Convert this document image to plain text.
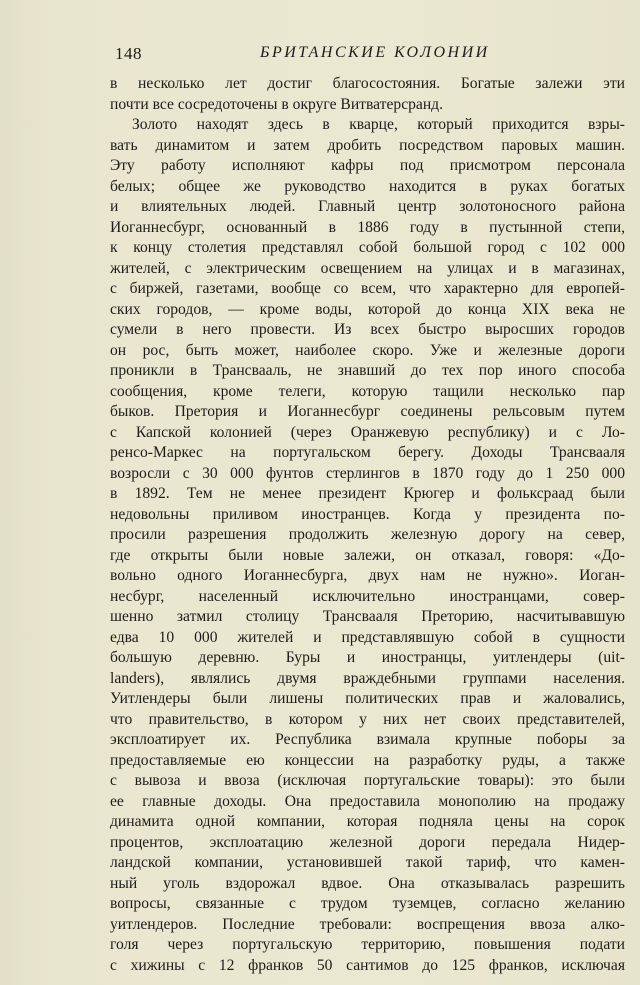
148	БРИТАНСКИЕ КОЛОНИИ
в несколько лет достиг благосостояния. Богатые залежи эти
почти все сосредоточены в округе Витватерсранд.
Золото находят здесь в кварце, который приходится взры-
вать динамитом и затем дробить посредством паровых машин.
Эту работу исполняют кафры под присмотром персонала
белых; общее же руководство находится в руках богатых
и влиятельных людей. Главный центр золотоносного района
Иоганнесбург, основанный в 1886 году в пустынной степи,
к концу столетия представлял собой большой город с 102 000
жителей, с электрическим освещением на улицах и в магазинах,
с биржей, газетами, вообще со всем, что характерно для европей-
ских городов, — кроме воды, которой до конца XIX века не
сумели в него провести. Из всех быстро выросших городов
он рос, быть может, наиболее скоро. Уже и железные дороги
проникли в Трансвааль, не знавший до тех пор иного способа
сообщения, кроме телеги, которую тащили несколько пар
быков. Претория и Иоганнесбург соединены рельсовым путем
с Капской колонией (через Оранжевую республику) и с Ло-
ренсо-Маркес на португальском берегу. Доходы Трансвааля
возросли с 30 000 фунтов стерлингов в 1870 году до 1 250 000
в 1892. Тем не менее президент Крюгер и фольксраад были
недовольны приливом иностранцев. Когда у президента по-
просили разрешения продолжить железную дорогу на север,
где открыты были новые залежи, он отказал, говоря: «До-
вольно одного Иоганнесбурга, двух нам не нужно». Иоган-
несбург, населенный исключительно иностранцами, совер-
шенно затмил столицу Трансвааля Преторию, насчитывавшую
едва 10 000 жителей и представлявшую собой в сущности
большую деревню. Буры и иностранцы, уитлендеры (uit-
landers), являлись двумя враждебными группами населения.
Уитлендеры были лишены политических прав и жаловались,
что правительство, в котором у них нет своих представителей,
эксплоатирует их. Республика взимала крупные поборы за
предоставляемые ею концессии на разработку руды, а также
с вывоза и ввоза (исключая португальские товары): это были
ее главные доходы. Она предоставила монополию на продажу
динамита одной компании, которая подняла цены на сорок
процентов, эксплоатацию железной дороги передала Нидер-
ландской компании, установившей такой тариф, что камен-
ный уголь вздорожал вдвое. Она отказывалась разрешить
вопросы, связанные с трудом туземцев, согласно желанию
уитлендеров. Последние требовали: воспрещения ввоза алко-
голя через португальскую территорию, повышения подати
с хижины с 12 франков 50 сантимов до 125 франков, исключая
